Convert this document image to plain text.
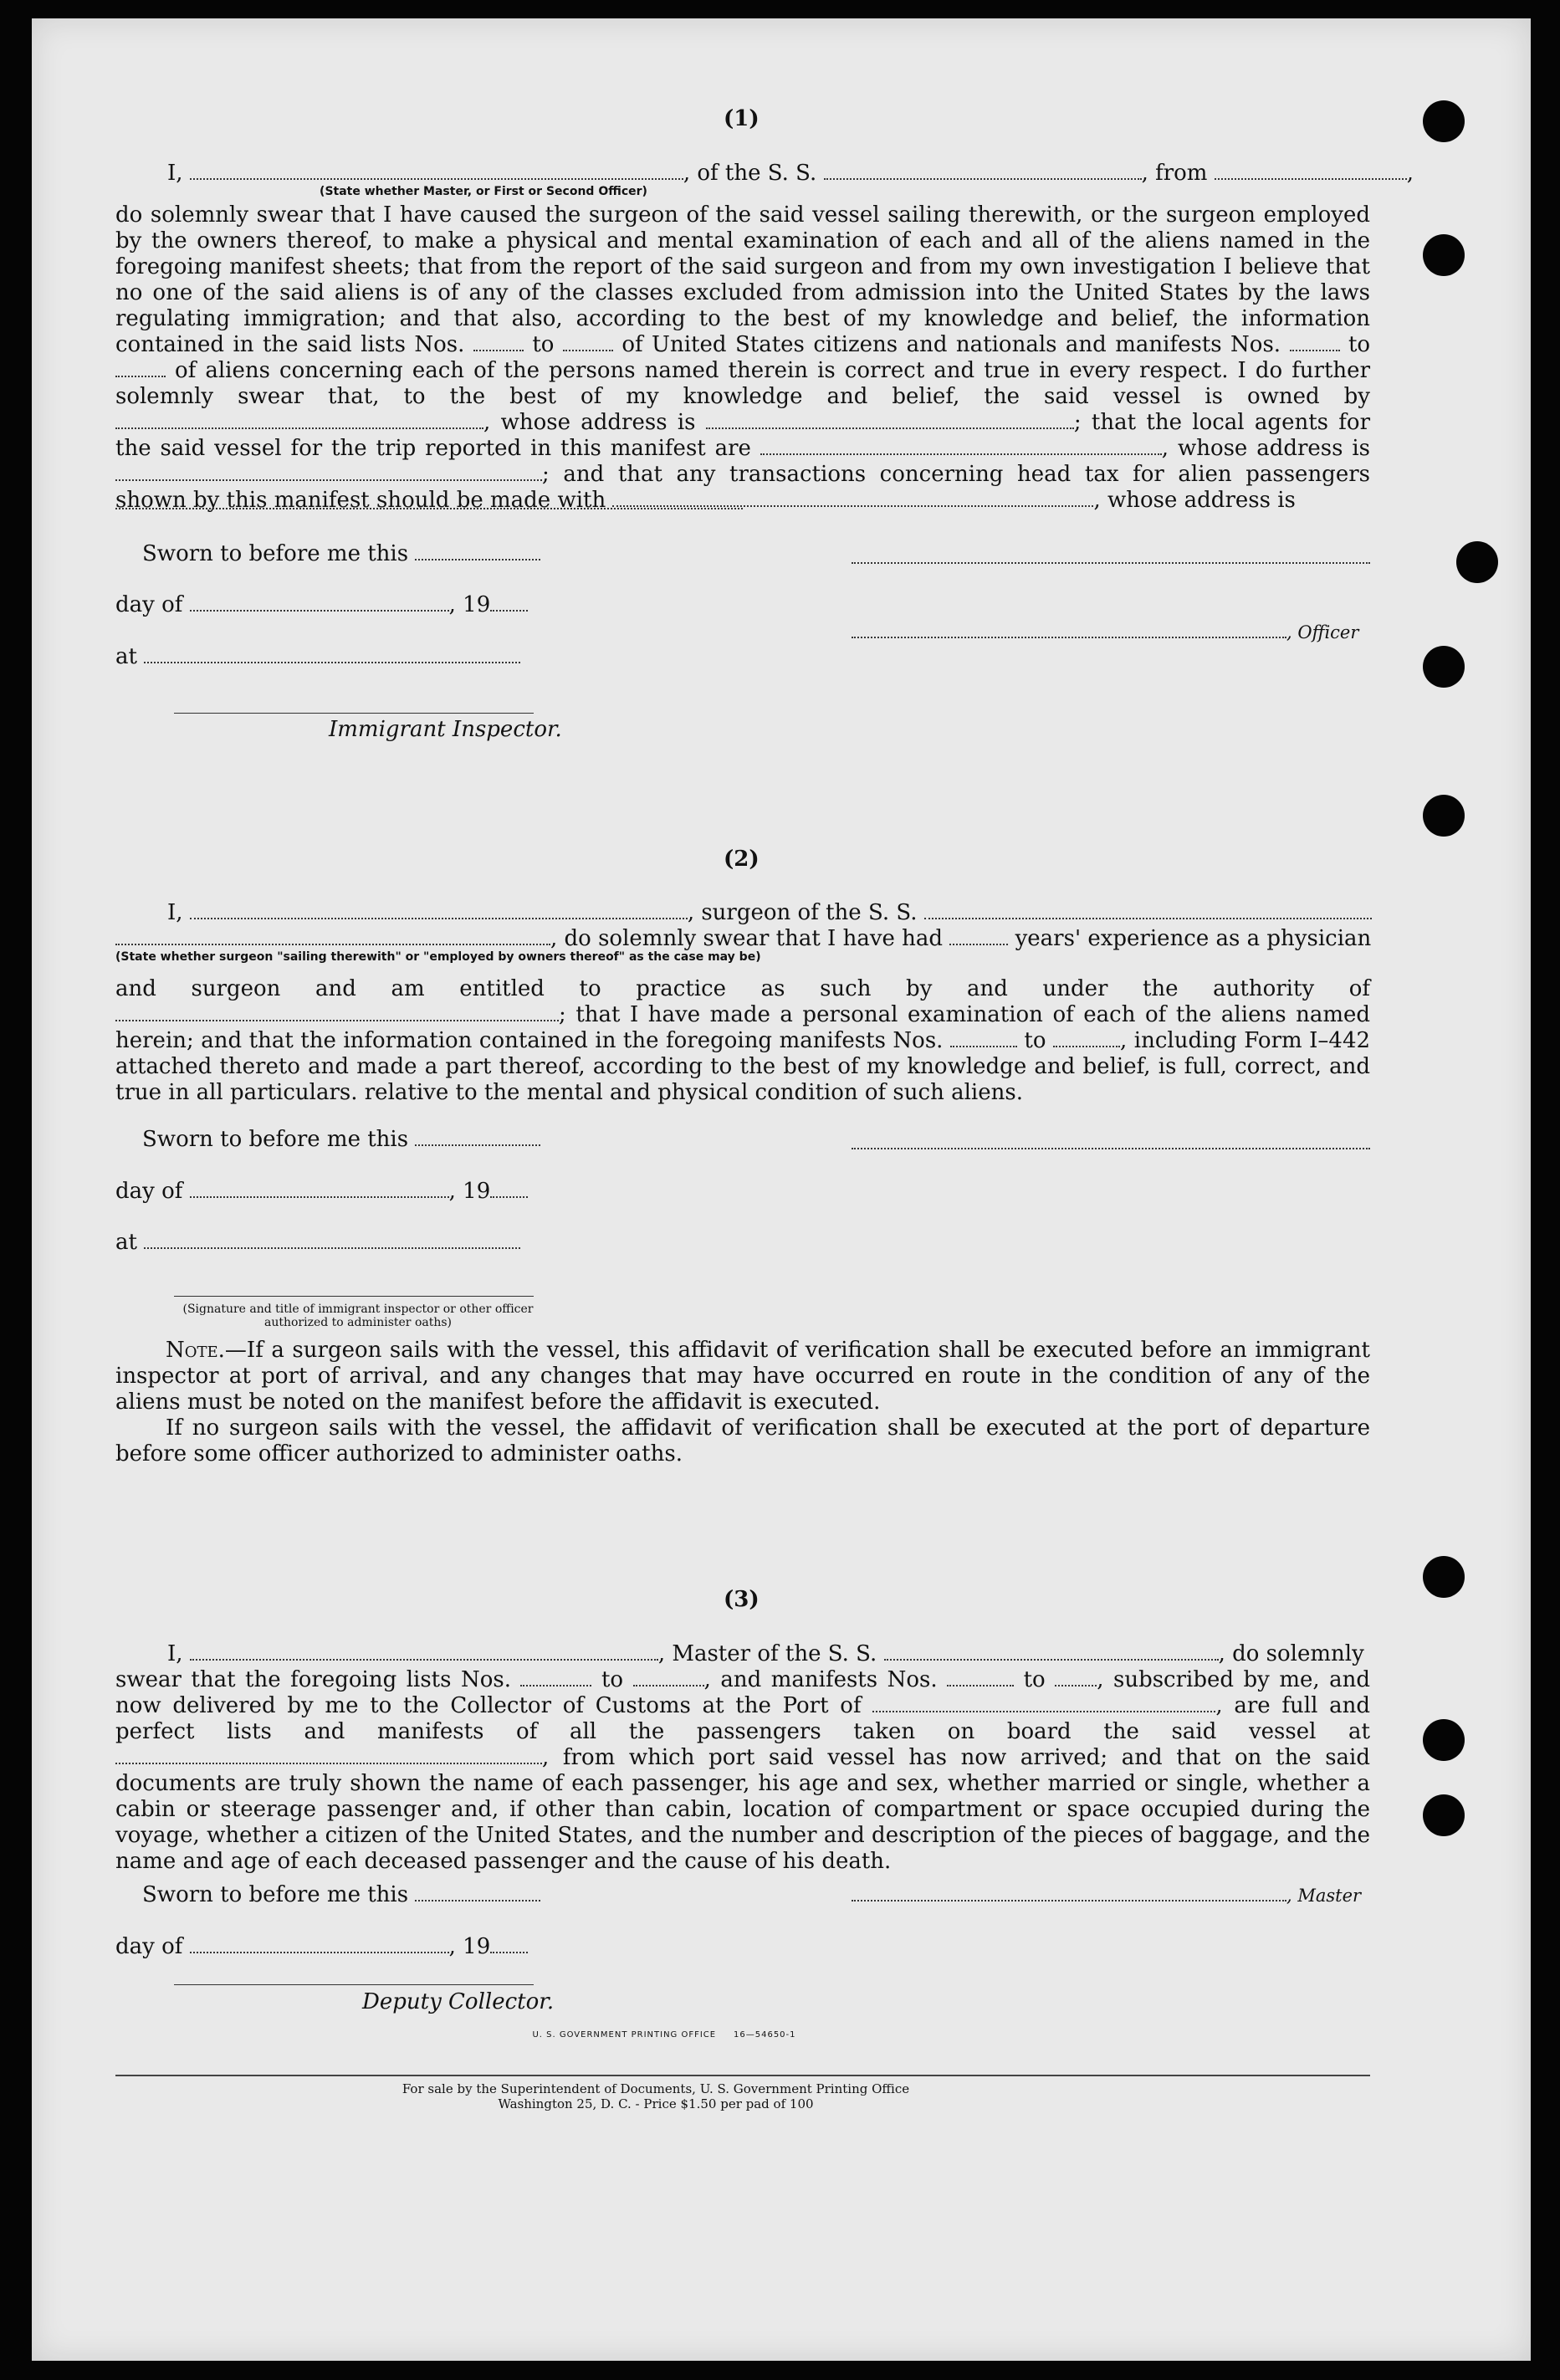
(1)
I,	, of the S. S.	, from	,
(State whether Master, or First or Second Officer)
do solemnly swear that I have caused the surgeon of the said vessel sailing therewith, or the surgeon employed by the owners thereof, to make a physical and mental examination of each and all of the aliens named in the foregoing manifest sheets; that from the report of the said surgeon and from my own investigation I believe that no one of the said aliens is of any of the classes excluded from admission into the United States by the laws regulating immigration; and that also, according to the best of my knowledge and belief, the information contained in the said lists Nos.	to	of United States citizens and nationals and manifests Nos.	to  of aliens concerning each of the persons named therein is correct and true in every respect. I do further solemnly swear that, to the best of my knowledge and belief, the said vessel is owned by , whose address is	; that the local agents for the said vessel for the trip reported in this manifest are	, whose address is ; and that any transactions concerning head tax for alien passengers shown by this manifest should be made with	, whose address is
Sworn to before me this
day of	, 19
, Officer
at
Immigrant Inspector.
(2)
I,	, surgeon of the S. S.
, do solemnly swear that I have had	years' experience as a physician
(State whether surgeon "sailing therewith" or "employed by owners thereof" as the case may be)
and surgeon and am entitled to practice as such by and under the authority of ; that I have made a personal examination of each of the aliens named herein; and that the information contained in the foregoing manifests Nos.	to	, including Form I–442 attached thereto and made a part thereof, according to the best of my knowledge and belief, is full, correct, and true in all particulars. relative to the mental and physical condition of such aliens.
Sworn to before me this
day of	, 19
at
(Signature and title of immigrant inspector or other officer authorized to administer oaths)
Note.—If a surgeon sails with the vessel, this affidavit of verification shall be executed before an immigrant inspector at port of arrival, and any changes that may have occurred en route in the condition of any of the aliens must be noted on the manifest before the affidavit is executed.
If no surgeon sails with the vessel, the affidavit of verification shall be executed at the port of departure before some officer authorized to administer oaths.
(3)
I,	, Master of the S. S.	, do solemnly
swear that the foregoing lists Nos.	to	, and manifests Nos.	to , subscribed by me, and now delivered by me to the Collector of Customs at the Port of	, are full and perfect lists and manifests of all the passengers taken on board the said vessel at , from which port said vessel has now arrived; and that on the said documents are truly shown the name of each passenger, his age and sex, whether married or single, whether a cabin or steerage passenger and, if other than cabin, location of compartment or space occupied during the voyage, whether a citizen of the United States, and the number and description of the pieces of baggage, and the name and age of each deceased passenger and the cause of his death.
Sworn to before me this	, Master
day of	, 19
Deputy Collector.
U. S. GOVERNMENT PRINTING OFFICE     16—54650-1
For sale by the Superintendent of Documents, U. S. Government Printing Office
Washington 25, D. C. - Price $1.50 per pad of 100
